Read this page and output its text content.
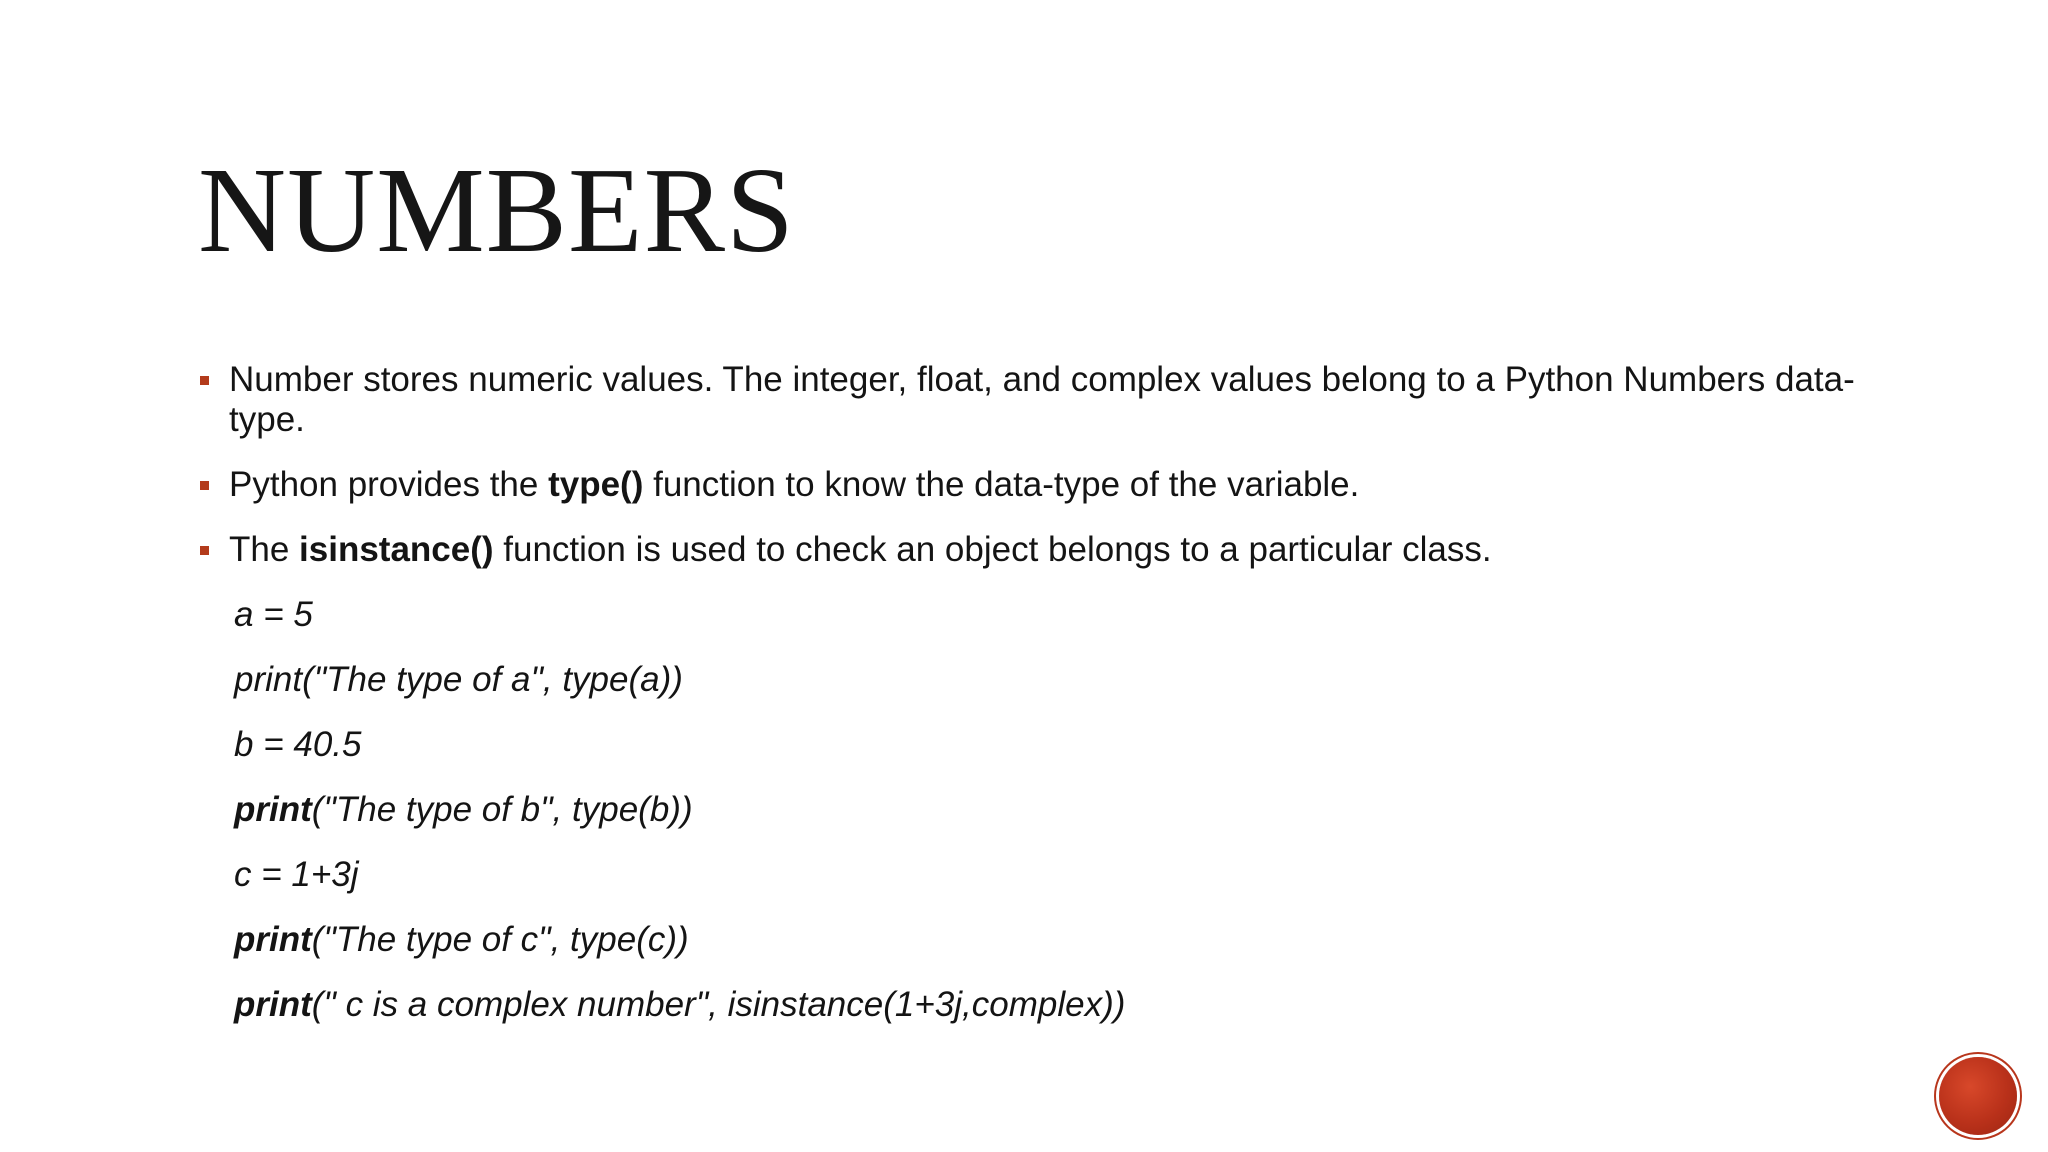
NUMBERS
Number stores numeric values. The integer, float, and complex values belong to a Python Numbers data-type.
Python provides the type() function to know the data-type of the variable.
The isinstance() function is used to check an object belongs to a particular class.
a = 5
print("The type of a", type(a))
b = 40.5
print("The type of b", type(b))
c = 1+3j
print("The type of c", type(c))
print(" c is a complex number", isinstance(1+3j,complex))
